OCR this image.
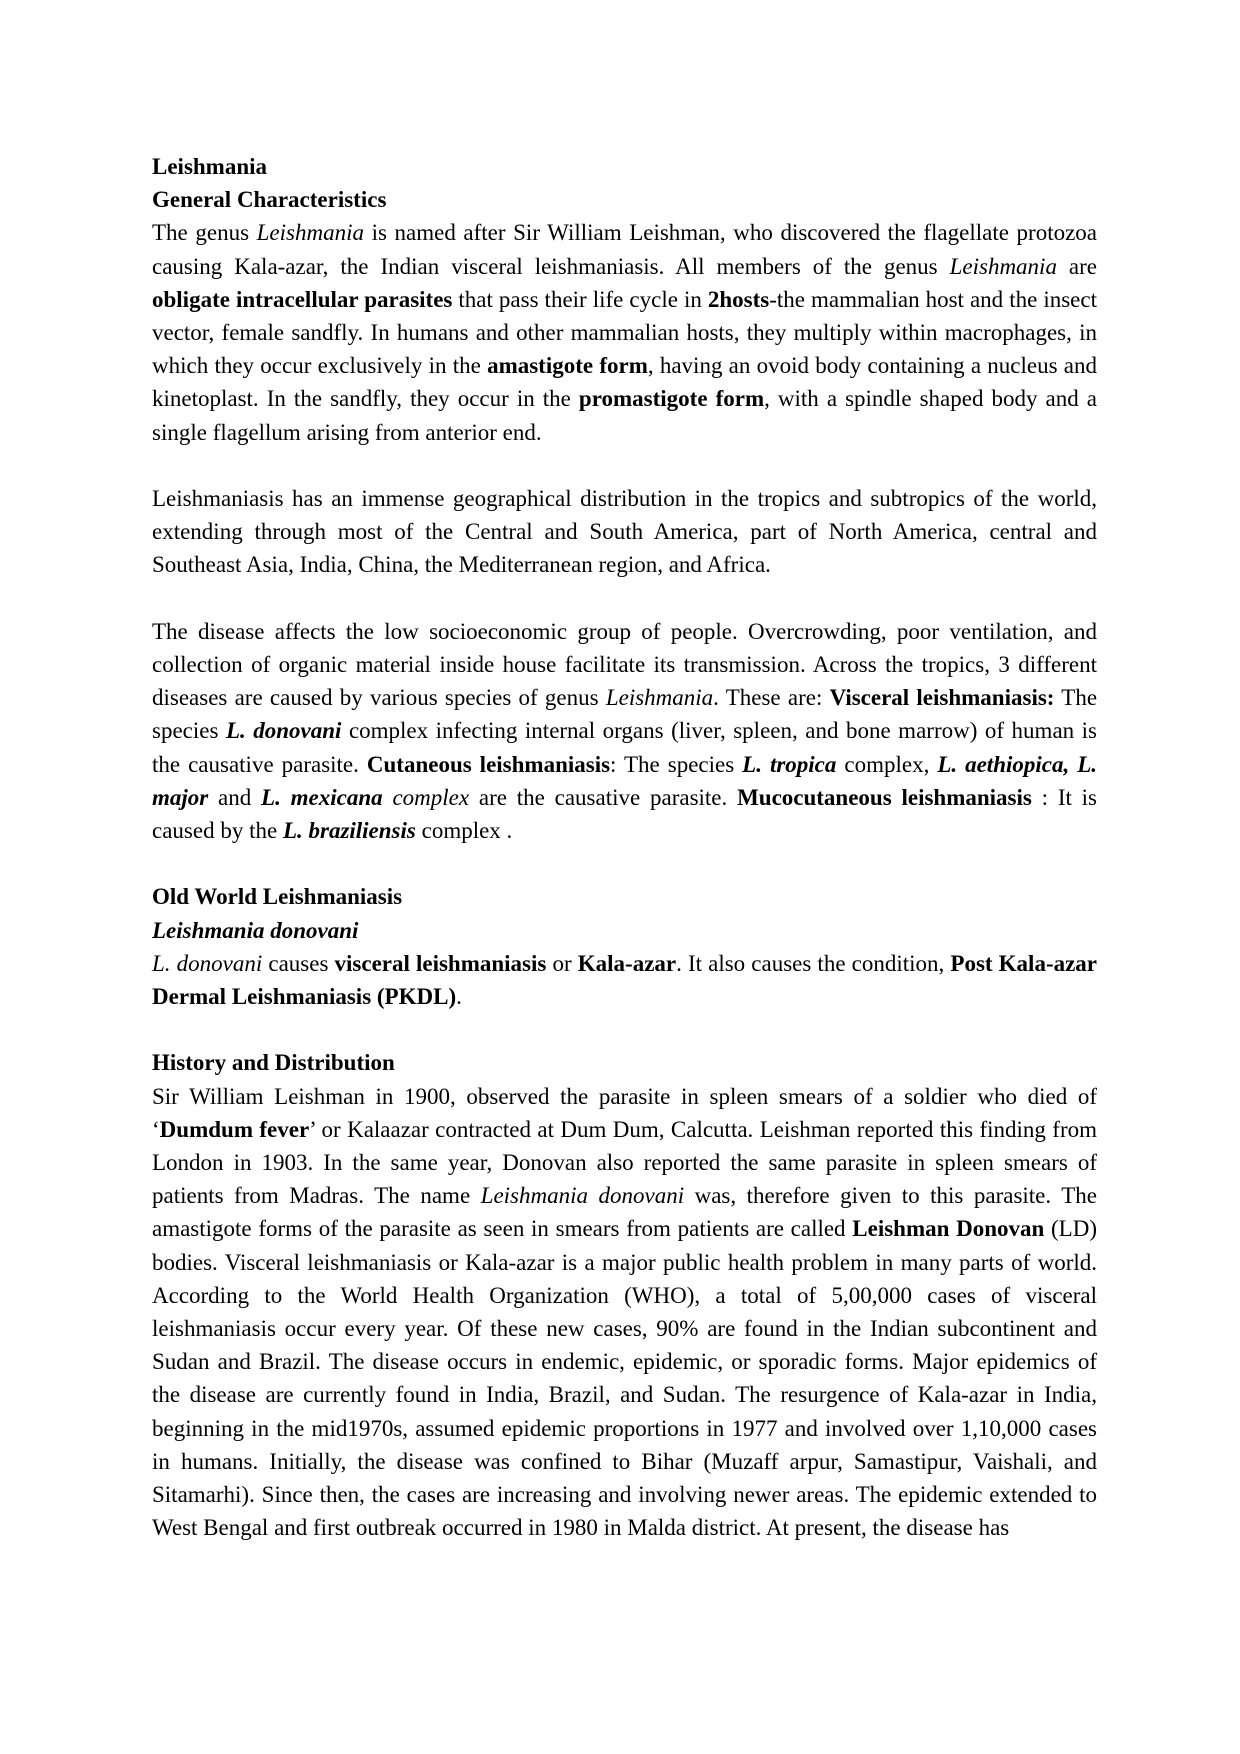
Leishmania

General Characteristics

The genus Leishmania is named after Sir William Leishman, who discovered the flagellate protozoa causing Kala-azar, the Indian visceral leishmaniasis. All members of the genus Leishmania are obligate intracellular parasites that pass their life cycle in 2hosts-the mammalian host and the insect vector, female sandfly. In humans and other mammalian hosts, they multiply within macrophages, in which they occur exclusively in the amastigote form, having an ovoid body containing a nucleus and kinetoplast. In the sandfly, they occur in the promastigote form, with a spindle shaped body and a single flagellum arising from anterior end.

Leishmaniasis has an immense geographical distribution in the tropics and subtropics of the world, extending through most of the Central and South America, part of North America, central and Southeast Asia, India, China, the Mediterranean region, and Africa.

The disease affects the low socioeconomic group of people. Overcrowding, poor ventilation, and collection of organic material inside house facilitate its transmission. Across the tropics, 3 different diseases are caused by various species of genus Leishmania. These are: Visceral leishmaniasis: The species L. donovani complex infecting internal organs (liver, spleen, and bone marrow) of human is the causative parasite. Cutaneous leishmaniasis: The species L. tropica complex, L. aethiopica, L. major and L. mexicana complex are the causative parasite. Mucocutaneous leishmaniasis : It is caused by the L. braziliensis complex .

Old World Leishmaniasis

Leishmania donovani

L. donovani causes visceral leishmaniasis or Kala-azar. It also causes the condition, Post Kala-azar Dermal Leishmaniasis (PKDL).

History and Distribution

Sir William Leishman in 1900, observed the parasite in spleen smears of a soldier who died of ‘Dumdum fever’ or Kalaazar contracted at Dum Dum, Calcutta. Leishman reported this finding from London in 1903. In the same year, Donovan also reported the same parasite in spleen smears of patients from Madras. The name Leishmania donovani was, therefore given to this parasite. The amastigote forms of the parasite as seen in smears from patients are called Leishman Donovan (LD) bodies. Visceral leishmaniasis or Kala-azar is a major public health problem in many parts of world. According to the World Health Organization (WHO), a total of 5,00,000 cases of visceral leishmaniasis occur every year. Of these new cases, 90% are found in the Indian subcontinent and Sudan and Brazil. The disease occurs in endemic, epidemic, or sporadic forms. Major epidemics of the disease are currently found in India, Brazil, and Sudan. The resurgence of Kala-azar in India, beginning in the mid1970s, assumed epidemic proportions in 1977 and involved over 1,10,000 cases in humans. Initially, the disease was confined to Bihar (Muzaff arpur, Samastipur, Vaishali, and Sitamarhi). Since then, the cases are increasing and involving newer areas. The epidemic extended to West Bengal and first outbreak occurred in 1980 in Malda district. At present, the disease has
